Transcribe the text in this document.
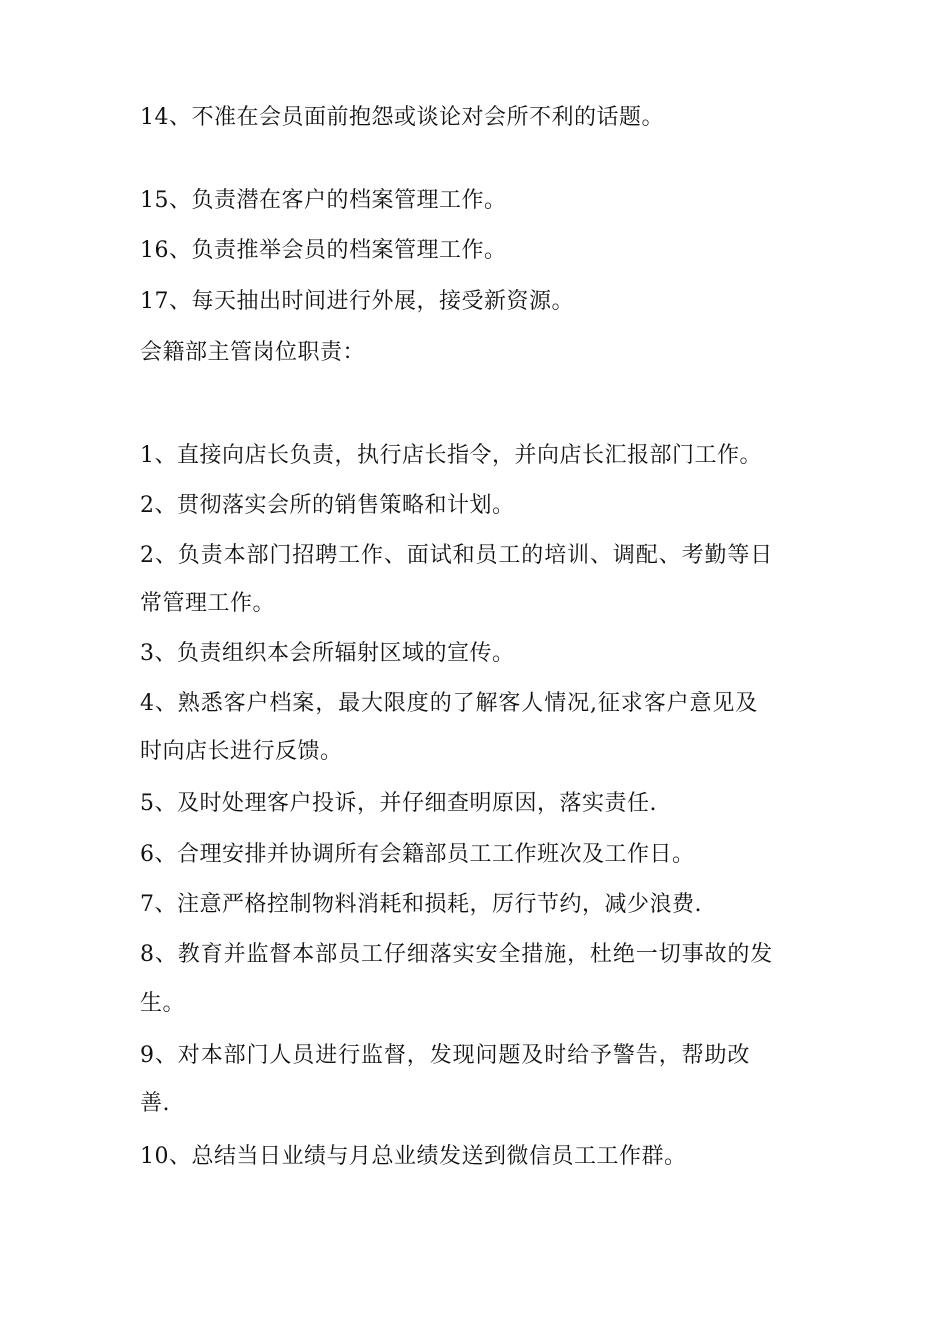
14、不准在会员面前抱怨或谈论对会所不利的话题。
15、负责潜在客户的档案管理工作。
16、负责推举会员的档案管理工作。
17、每天抽出时间进行外展，接受新资源。
会籍部主管岗位职责：
1、直接向店长负责，执行店长指令，并向店长汇报部门工作。
2、贯彻落实会所的销售策略和计划。
2、负责本部门招聘工作、面试和员工的培训、调配、考勤等日
常管理工作。
3、负责组织本会所辐射区域的宣传。
4、熟悉客户档案，最大限度的了解客人情况,征求客户意见及
时向店长进行反馈。
5、及时处理客户投诉，并仔细查明原因，落实责任.
6、合理安排并协调所有会籍部员工工作班次及工作日。
7、注意严格控制物料消耗和损耗，厉行节约，减少浪费.
8、教育并监督本部员工仔细落实安全措施，杜绝一切事故的发
生。
9、对本部门人员进行监督，发现问题及时给予警告，帮助改
善.
10、总结当日业绩与月总业绩发送到微信员工工作群。
